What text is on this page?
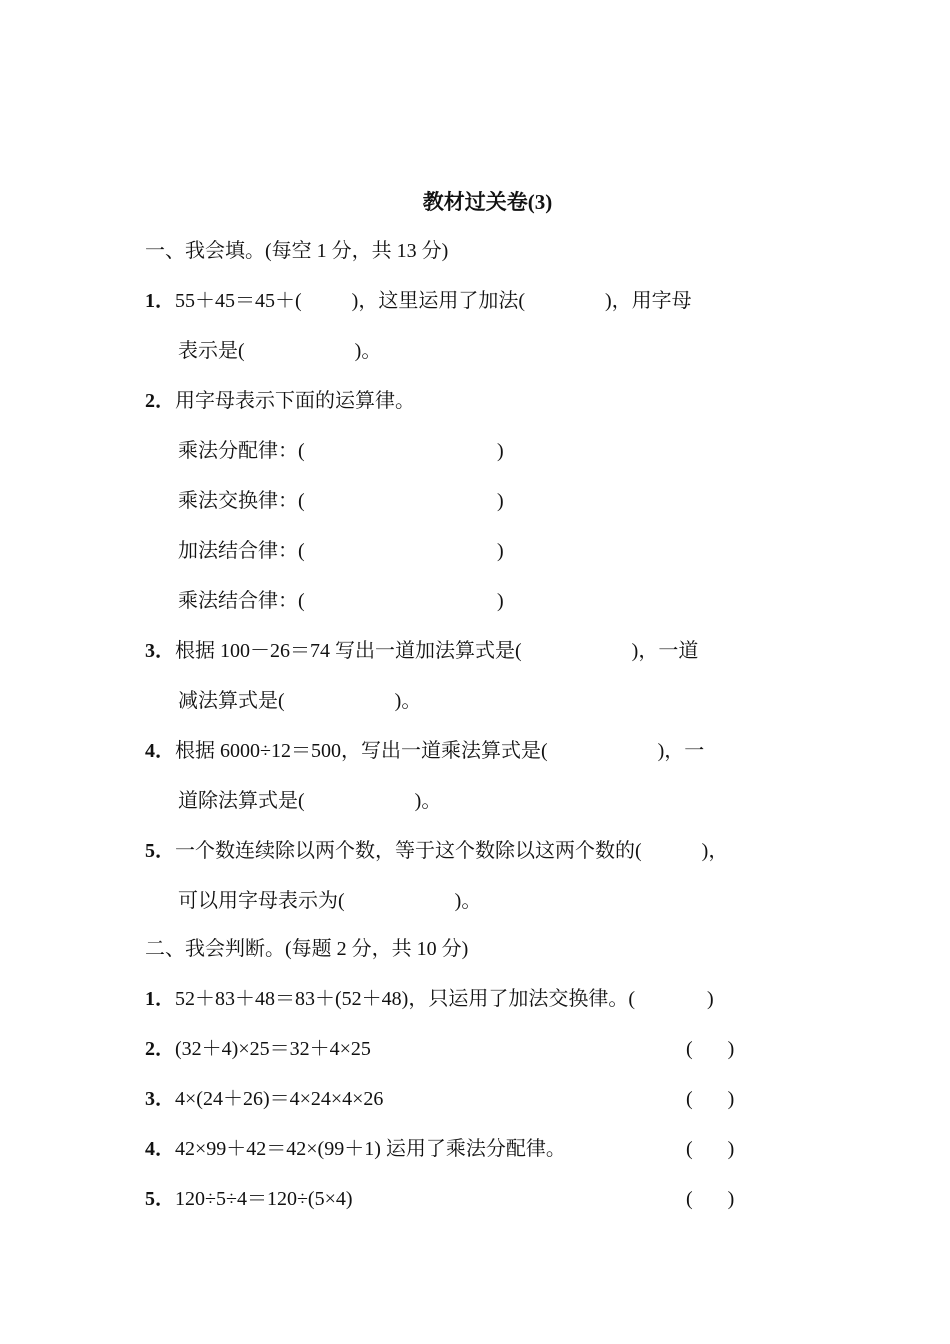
教材过关卷(3)
一、我会填。(每空 1 分，共 13 分)
1．55＋45＝45＋(          )，这里运用了加法(                )，用字母
表示是(                      )。
2．用字母表示下面的运算律。
乘法分配律：(	)
乘法交换律：(	)
加法结合律：(	)
乘法结合律：(	)
3．根据 100－26＝74 写出一道加法算式是(                      )，一道
减法算式是(                      )。
4．根据 6000÷12＝500，写出一道乘法算式是(                      )，一
道除法算式是(                      )。
5．一个数连续除以两个数，等于这个数除以这两个数的(            )，
可以用字母表示为(                      )。
二、我会判断。(每题 2 分，共 10 分)
1．52＋83＋48＝83＋(52＋48)，只运用了加法交换律。(	)
2．(32＋4)×25＝32＋4×25	(       )
3．4×(24＋26)＝4×24×4×26	(       )
4．42×99＋42＝42×(99＋1) 运用了乘法分配律。	(       )
5．120÷5÷4＝120÷(5×4)	(       )
